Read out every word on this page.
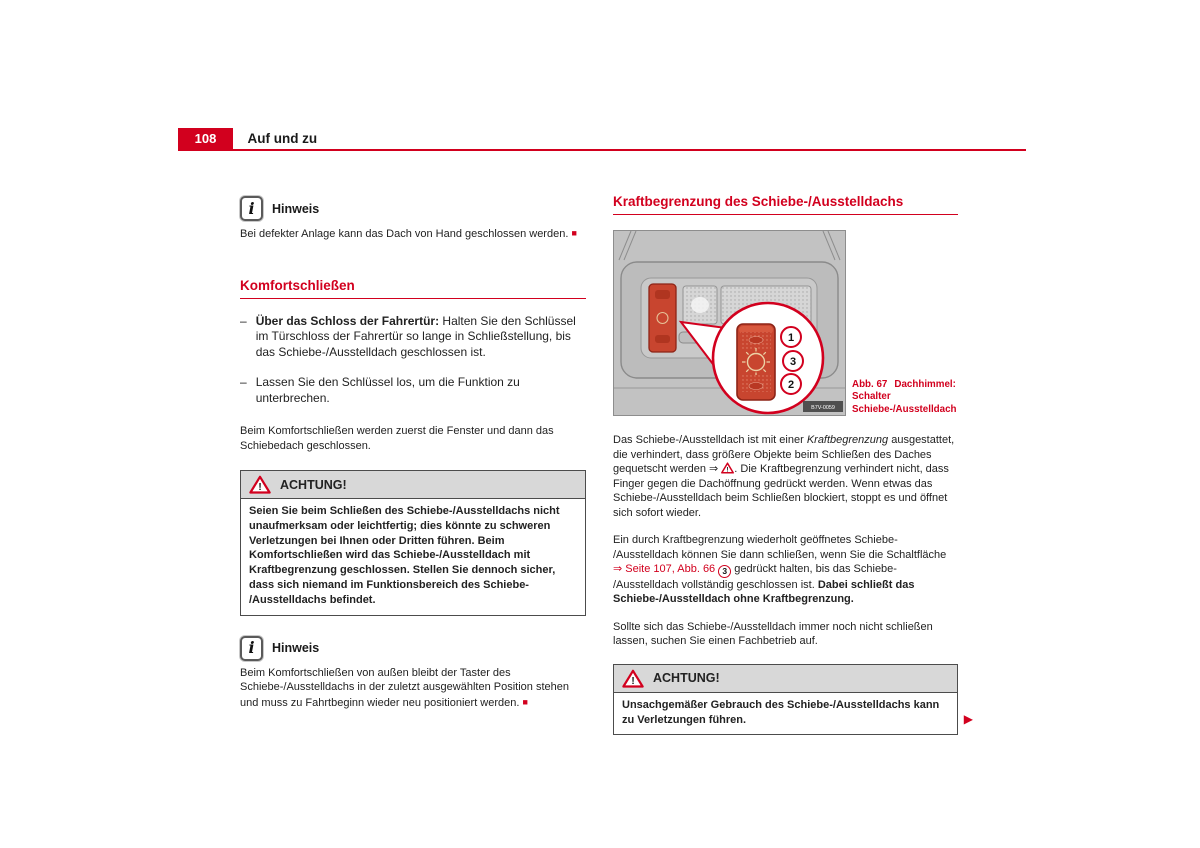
108 Auf und zu
i Hinweis

Bei defekter Anlage kann das Dach von Hand geschlossen werden. ■

Komfortschließen
– Über das Schloss der Fahrertür: Halten Sie den Schlüssel im Türschloss der Fahrertür so lange in Schließstellung, bis das Schiebe-/Ausstelldach geschlossen ist.

– Lassen Sie den Schlüssel los, um die Funktion zu unterbrechen.

Beim Komfortschließen werden zuerst die Fenster und dann das Schiebedach geschlossen.

! ACHTUNG!
Seien Sie beim Schließen des Schiebe-/Ausstelldachs nicht unaufmerksam oder leichtfertig; dies könnte zu schweren Verletzungen bei Ihnen oder Dritten führen. Beim Komfortschließen wird das Schiebe-/Ausstelldach mit Kraftbegrenzung geschlossen. Stellen Sie dennoch sicher, dass sich niemand im Funktionsbereich des Schiebe- /Ausstelldachs befindet.
i Hinweis

Beim Komfortschließen von außen bleibt der Taster des Schiebe-/Ausstelldachs in der zuletzt ausgewählten Position stehen und muss zu Fahrtbeginn wieder neu positioniert werden. ■

Kraftbegrenzung des Schiebe-/Ausstelldachs
1
3
2
B7V-0059
Abb. 67 Dachhimmel: Schalter Schiebe-/Ausstelldach

Das Schiebe-/Ausstelldach ist mit einer Kraftbegrenzung ausgestattet, die verhindert, dass größere Objekte beim Schließen des Daches gequetscht werden ⇒ ! . Die Kraftbegrenzung verhindert nicht, dass Finger gegen die Dachöffnung gedrückt werden. Wenn etwas das Schiebe-/Ausstelldach beim Schließen blockiert, stoppt es und öffnet sich sofort wieder.

Ein durch Kraftbegrenzung wiederholt geöffnetes Schiebe- /Ausstelldach können Sie dann schließen, wenn Sie die Schaltfläche ⇒ Seite 107, Abb. 66 3 gedrückt halten, bis das Schiebe- /Ausstelldach vollständig geschlossen ist. Dabei schließt das Schiebe-/Ausstelldach ohne Kraftbegrenzung.

Sollte sich das Schiebe-/Ausstelldach immer noch nicht schließen lassen, suchen Sie einen Fachbetrieb auf.

! ACHTUNG!
Unsachgemäßer Gebrauch des Schiebe-/Ausstelldachs kann zu Verletzungen führen.	▶
